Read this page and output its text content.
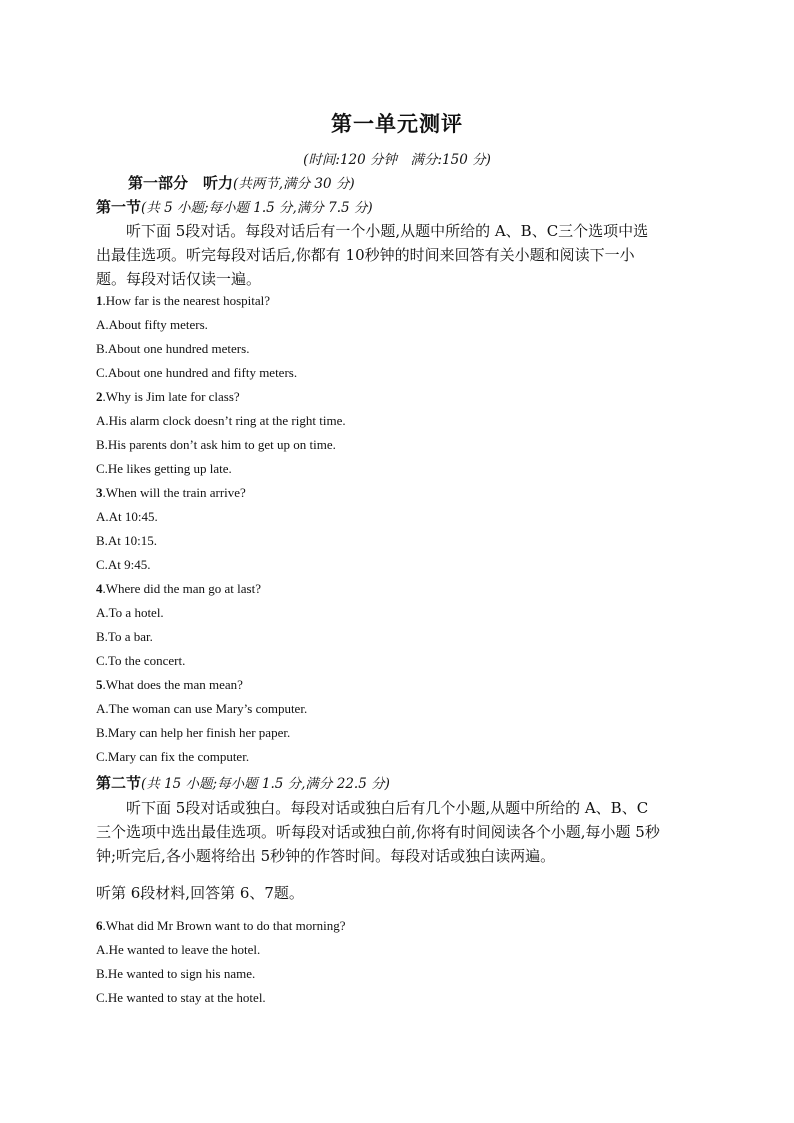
第一单元测评
(时间:120 分钟　满分:150 分)
第一部分　听力(共两节,满分 30 分)
第一节(共 5 小题;每小题 1.5 分,满分 7.5 分)
听下面 5段对话。每段对话后有一个小题,从题中所给的 A、B、C三个选项中选
出最佳选项。听完每段对话后,你都有 10秒钟的时间来回答有关小题和阅读下一小
题。每段对话仅读一遍。
1.How far is the nearest hospital?
A.About fifty meters.
B.About one hundred meters.
C.About one hundred and fifty meters.
2.Why is Jim late for class?
A.His alarm clock doesn’t ring at the right time.
B.His parents don’t ask him to get up on time.
C.He likes getting up late.
3.When will the train arrive?
A.At 10:45.
B.At 10:15.
C.At 9:45.
4.Where did the man go at last?
A.To a hotel.
B.To a bar.
C.To the concert.
5.What does the man mean?
A.The woman can use Mary’s computer.
B.Mary can help her finish her paper.
C.Mary can fix the computer.
第二节(共 15 小题;每小题 1.5 分,满分 22.5 分)
听下面 5段对话或独白。每段对话或独白后有几个小题,从题中所给的 A、B、C
三个选项中选出最佳选项。听每段对话或独白前,你将有时间阅读各个小题,每小题 5秒
钟;听完后,各小题将给出 5秒钟的作答时间。每段对话或独白读两遍。
听第 6段材料,回答第 6、7题。
6.What did Mr Brown want to do that morning?
A.He wanted to leave the hotel.
B.He wanted to sign his name.
C.He wanted to stay at the hotel.
